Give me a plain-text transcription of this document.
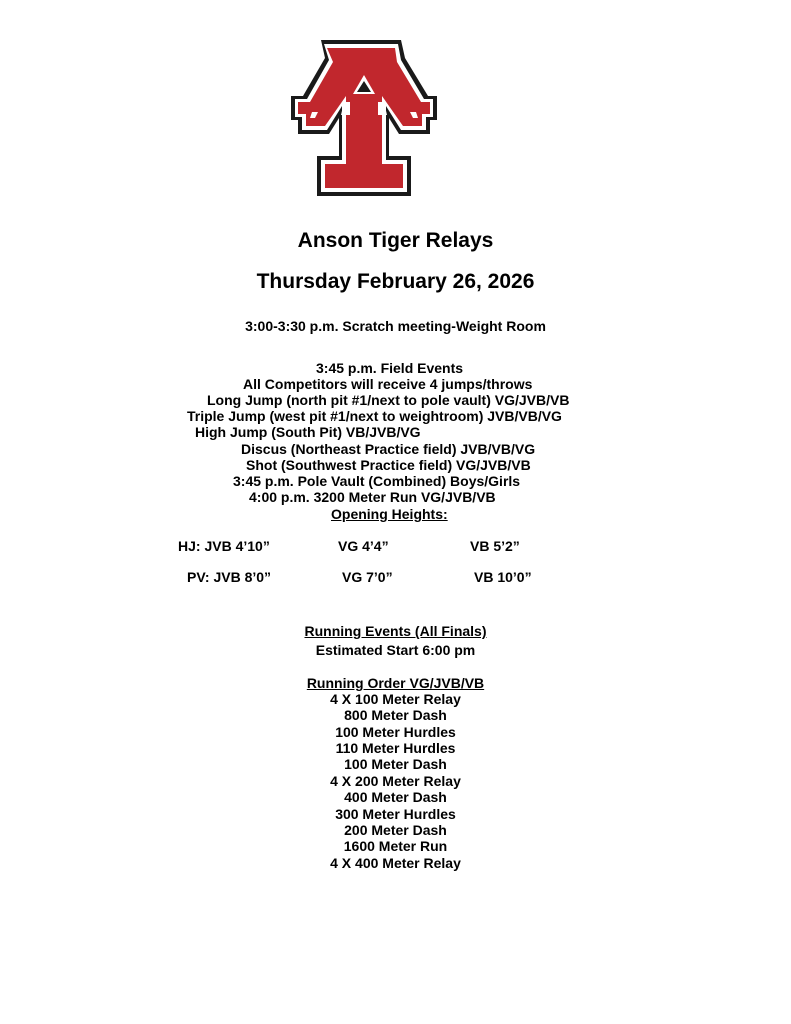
Anson Tiger Relays
Thursday February 26, 2026
3:00-3:30 p.m. Scratch meeting-Weight Room
3:45 p.m. Field Events
All Competitors will receive 4 jumps/throws
Long Jump (north pit #1/next to pole vault) VG/JVB/VB
Triple Jump (west pit #1/next to weightroom) JVB/VB/VG
High Jump (South Pit) VB/JVB/VG
Discus (Northeast Practice field) JVB/VB/VG
Shot (Southwest Practice field) VG/JVB/VB
3:45 p.m. Pole Vault (Combined) Boys/Girls
4:00 p.m. 3200 Meter Run VG/JVB/VB
Opening Heights:
HJ: JVB 4’10”	VG 4’4”	VB 5’2”
PV: JVB 8’0”	VG 7’0”	VB 10’0”
Running Events (All Finals)
Estimated Start 6:00 pm
Running Order VG/JVB/VB
4 X 100 Meter Relay
800 Meter Dash
100 Meter Hurdles
110 Meter Hurdles
100 Meter Dash
4 X 200 Meter Relay
400 Meter Dash
300 Meter Hurdles
200 Meter Dash
1600 Meter Run
4 X 400 Meter Relay
